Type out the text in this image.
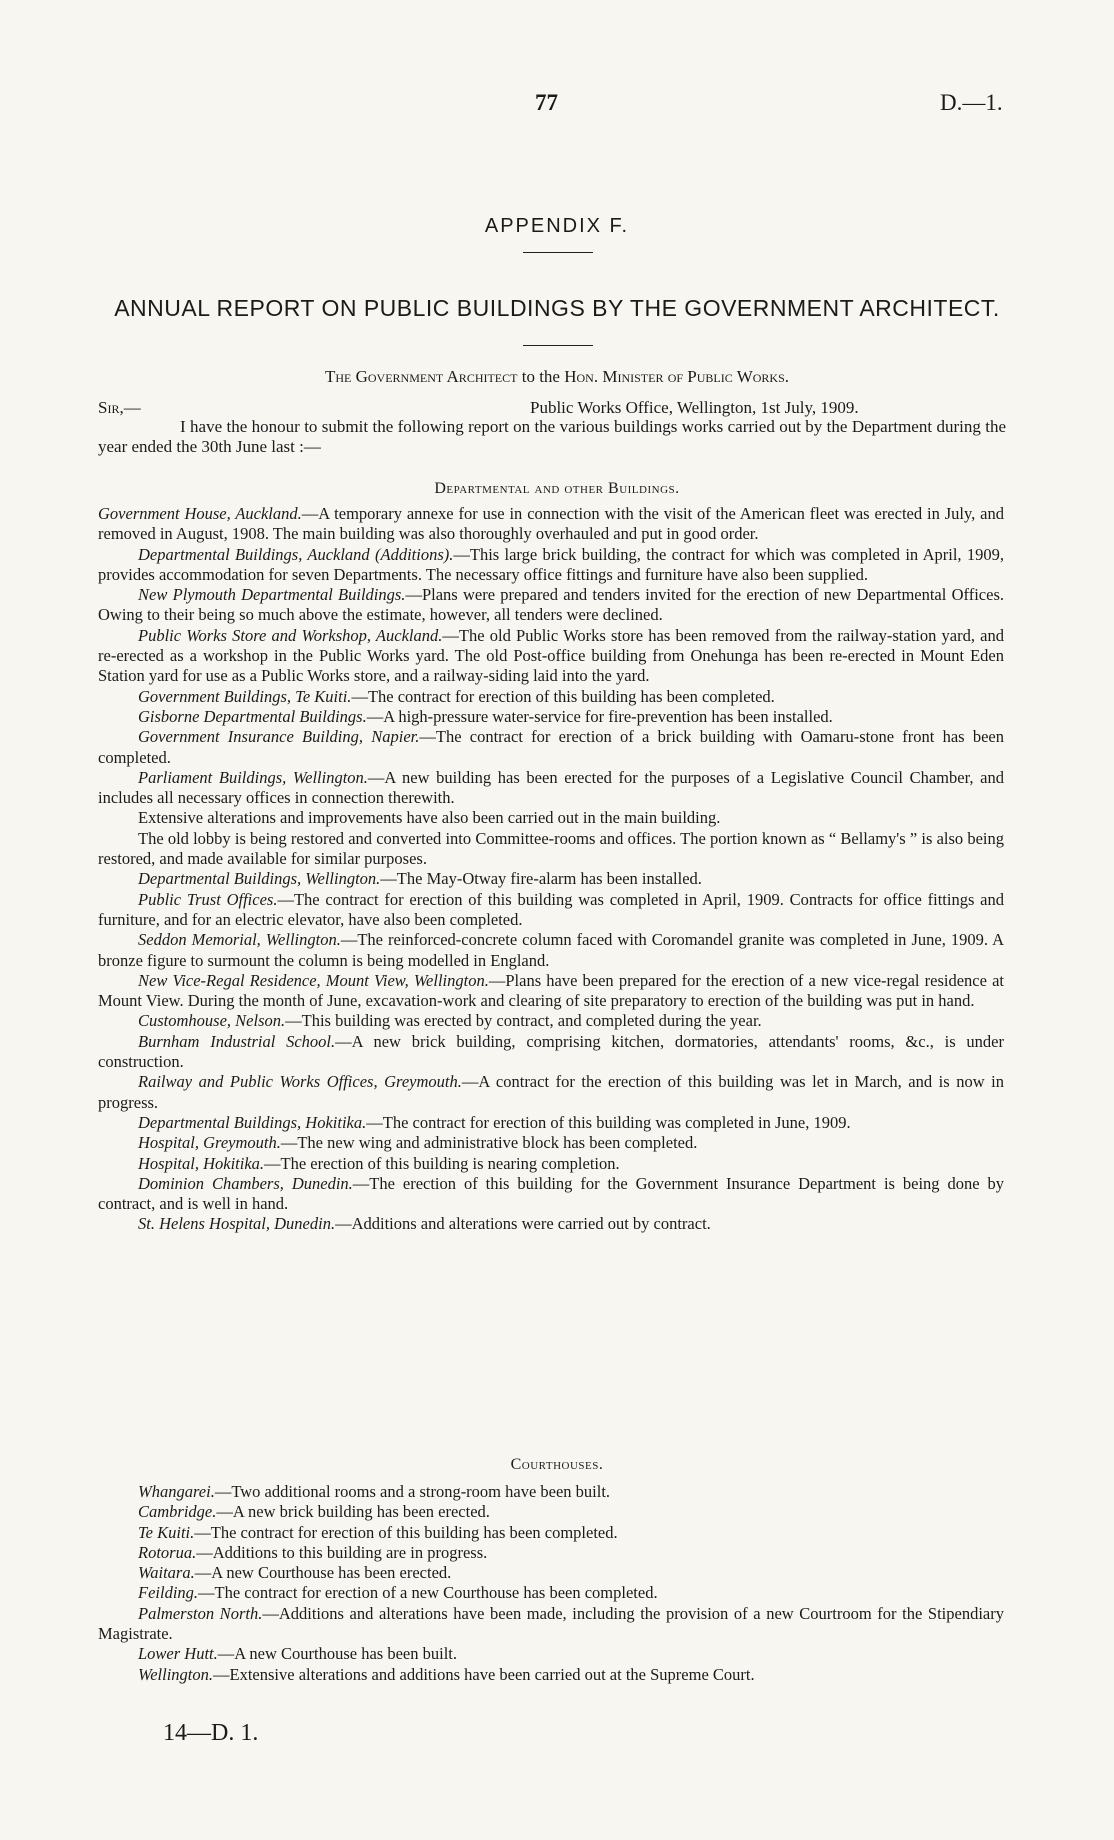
77	D.—1.
APPENDIX F.
ANNUAL REPORT ON PUBLIC BUILDINGS BY THE GOVERNMENT ARCHITECT.
The Government Architect to the Hon. Minister of Public Works.
Sir,—	Public Works Office, Wellington, 1st July, 1909.
I have the honour to submit the following report on the various buildings works carried out by the Department during the year ended the 30th June last :—
Departmental and other Buildings.

Government House, Auckland.—A temporary annexe for use in connection with the visit of the American fleet was erected in July, and removed in August, 1908. The main building was also thoroughly overhauled and put in good order.

Departmental Buildings, Auckland (Additions).—This large brick building, the contract for which was completed in April, 1909, provides accommodation for seven Departments. The necessary office fittings and furniture have also been supplied.

New Plymouth Departmental Buildings.—Plans were prepared and tenders invited for the erection of new Departmental Offices. Owing to their being so much above the estimate, however, all tenders were declined.

Public Works Store and Workshop, Auckland.—The old Public Works store has been removed from the railway-station yard, and re-erected as a workshop in the Public Works yard. The old Post-office building from Onehunga has been re-erected in Mount Eden Station yard for use as a Public Works store, and a railway-siding laid into the yard.

Government Buildings, Te Kuiti.—The contract for erection of this building has been completed.

Gisborne Departmental Buildings.—A high-pressure water-service for fire-prevention has been installed.

Government Insurance Building, Napier.—The contract for erection of a brick building with Oamaru-stone front has been completed.

Parliament Buildings, Wellington.—A new building has been erected for the purposes of a Legislative Council Chamber, and includes all necessary offices in connection therewith.

Extensive alterations and improvements have also been carried out in the main building.

The old lobby is being restored and converted into Committee-rooms and offices. The portion known as “ Bellamy's ” is also being restored, and made available for similar purposes.

Departmental Buildings, Wellington.—The May-Otway fire-alarm has been installed.

Public Trust Offices.—The contract for erection of this building was completed in April, 1909. Contracts for office fittings and furniture, and for an electric elevator, have also been completed.

Seddon Memorial, Wellington.—The reinforced-concrete column faced with Coromandel granite was completed in June, 1909. A bronze figure to surmount the column is being modelled in England.

New Vice-Regal Residence, Mount View, Wellington.—Plans have been prepared for the erection of a new vice-regal residence at Mount View. During the month of June, excavation-work and clearing of site preparatory to erection of the building was put in hand.

Customhouse, Nelson.—This building was erected by contract, and completed during the year.

Burnham Industrial School.—A new brick building, comprising kitchen, dormatories, attendants' rooms, &c., is under construction.

Railway and Public Works Offices, Greymouth.—A contract for the erection of this building was let in March, and is now in progress.

Departmental Buildings, Hokitika.—The contract for erection of this building was completed in June, 1909.

Hospital, Greymouth.—The new wing and administrative block has been completed.

Hospital, Hokitika.—The erection of this building is nearing completion.

Dominion Chambers, Dunedin.—The erection of this building for the Government Insurance Department is being done by contract, and is well in hand.

St. Helens Hospital, Dunedin.—Additions and alterations were carried out by contract.

Courthouses.

Whangarei.—Two additional rooms and a strong-room have been built.

Cambridge.—A new brick building has been erected.

Te Kuiti.—The contract for erection of this building has been completed.

Rotorua.—Additions to this building are in progress.

Waitara.—A new Courthouse has been erected.

Feilding.—The contract for erection of a new Courthouse has been completed.

Palmerston North.—Additions and alterations have been made, including the provision of a new Courtroom for the Stipendiary Magistrate.

Lower Hutt.—A new Courthouse has been built.

Wellington.—Extensive alterations and additions have been carried out at the Supreme Court.

14—D. 1.
